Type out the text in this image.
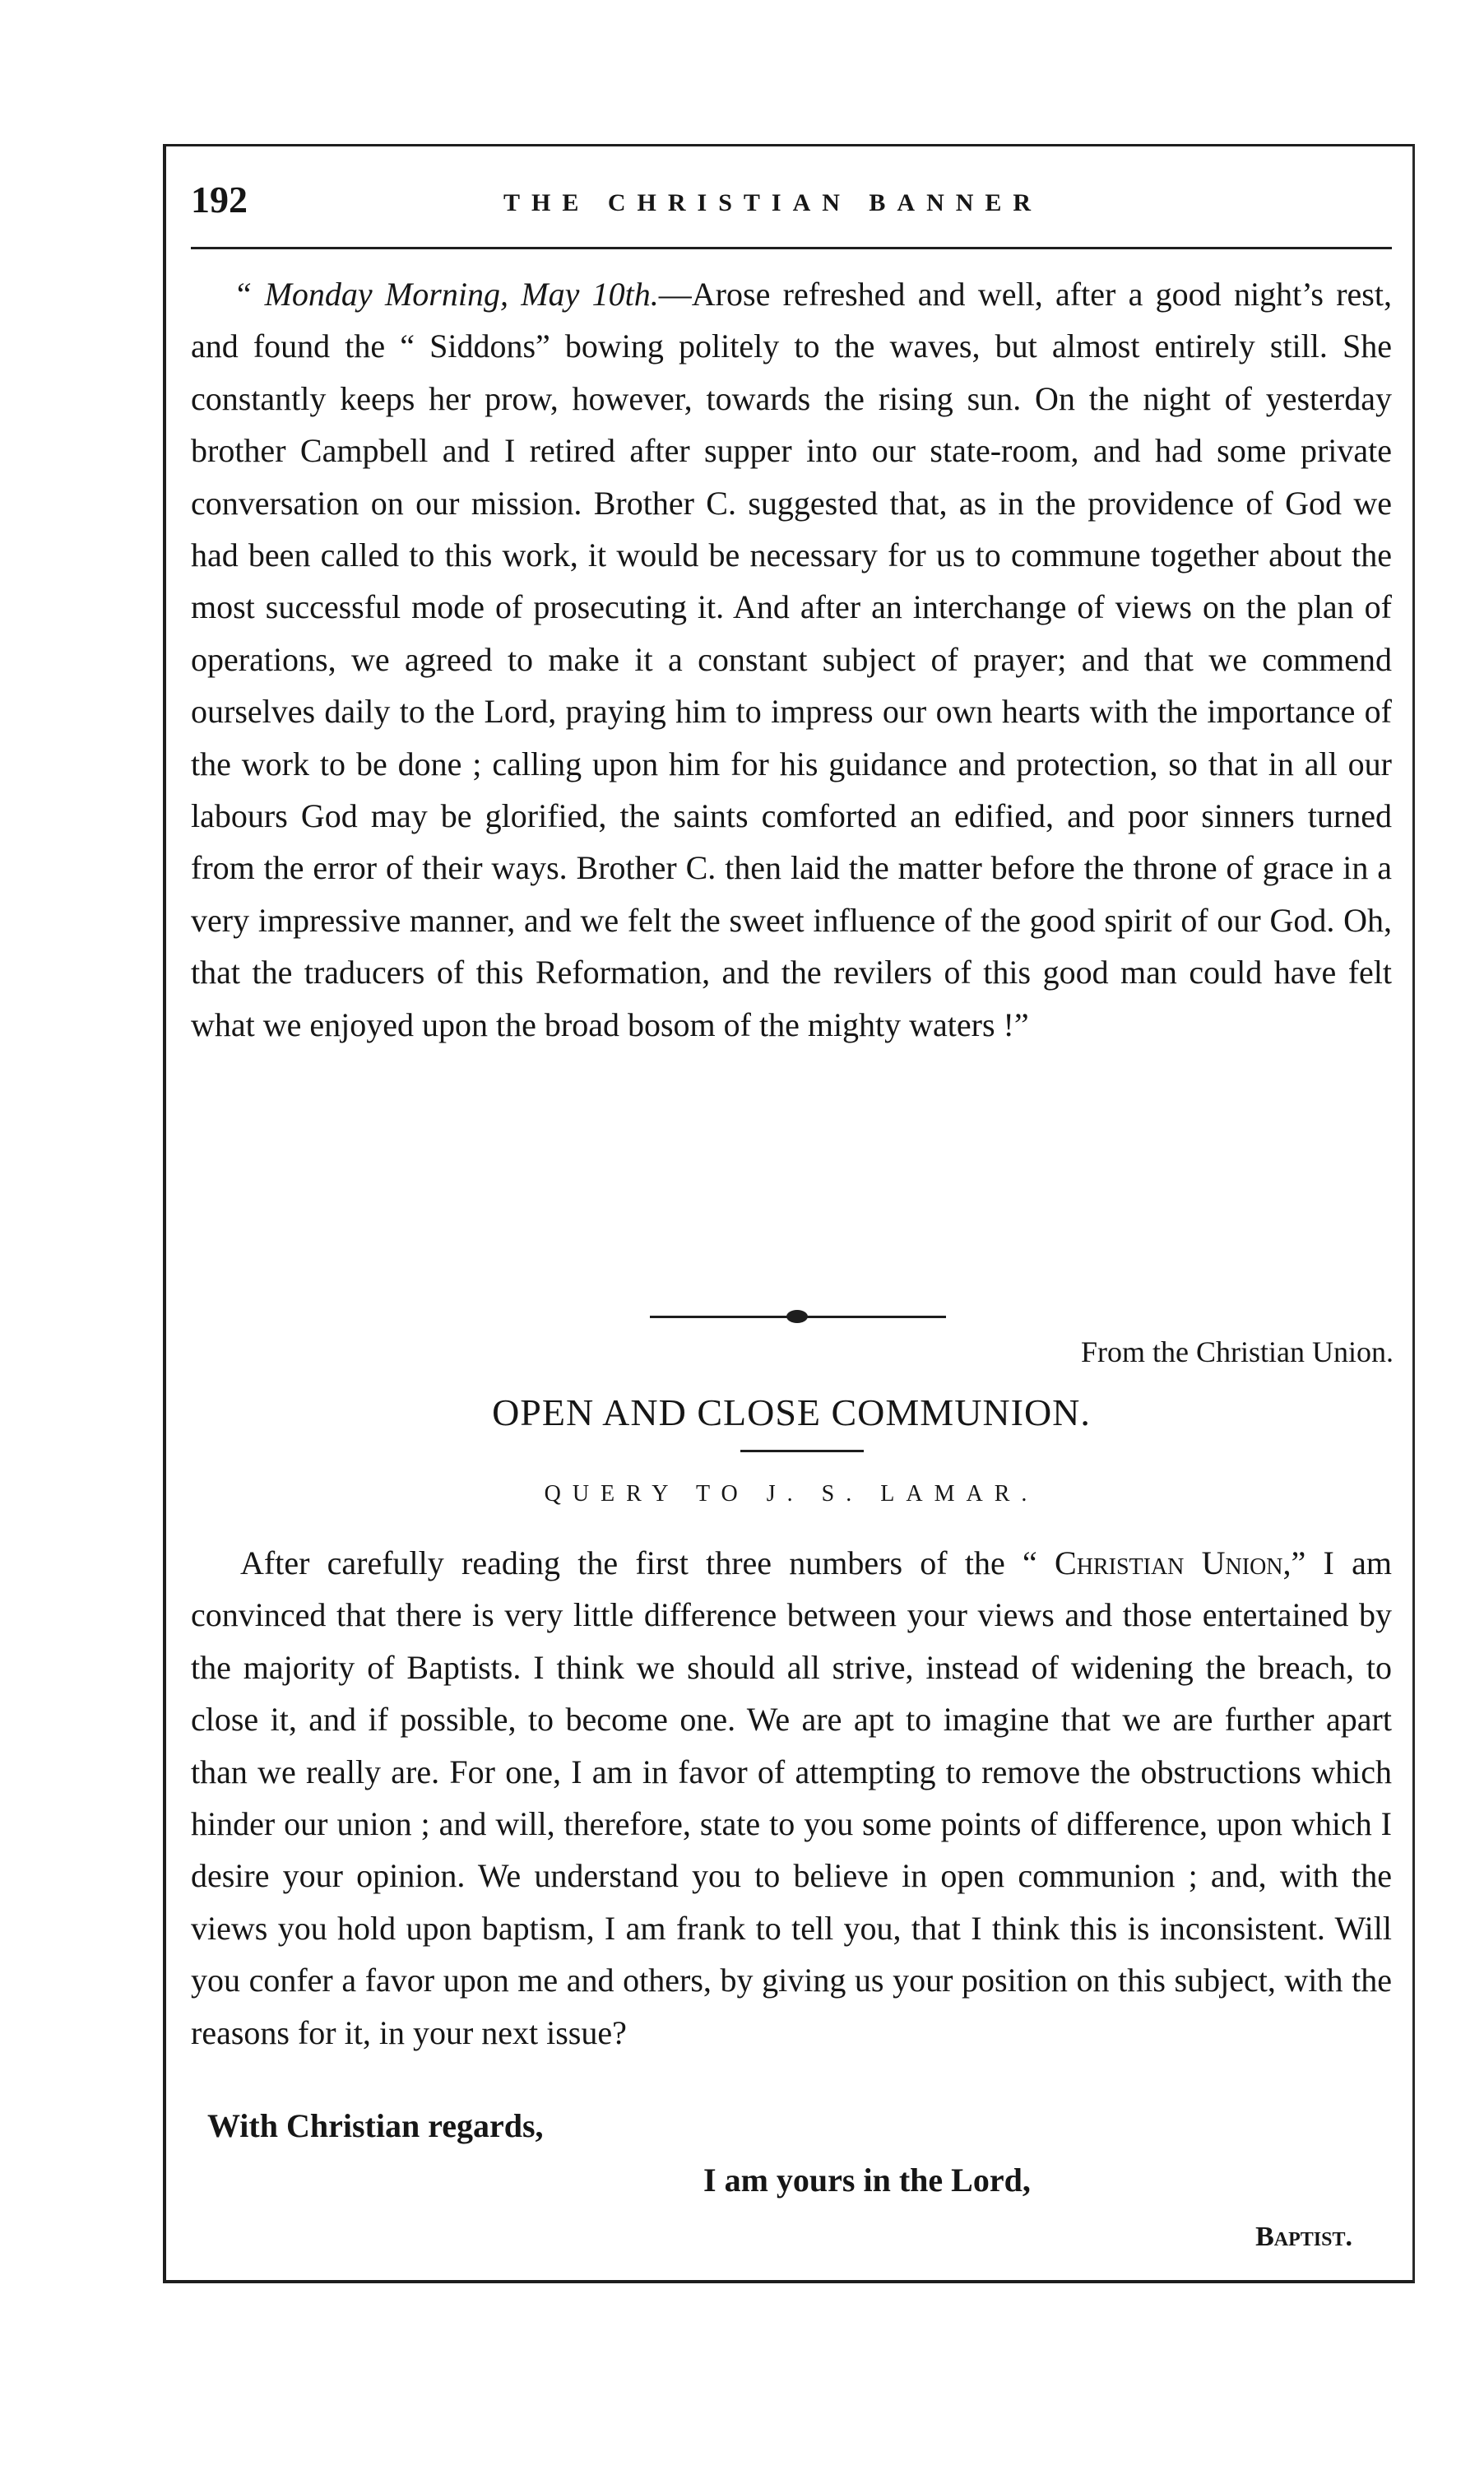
192	THE CHRISTIAN BANNER
“ Monday Morning, May 10th.—Arose refreshed and well, after a good night’s rest, and found the “ Siddons” bowing politely to the waves, but almost entirely still. She constantly keeps her prow, however, towards the rising sun. On the night of yesterday brother Campbell and I retired after supper into our state-room, and had some private conversation on our mission. Brother C. suggested that, as in the providence of God we had been called to this work, it would be necessary for us to commune together about the most successful mode of prosecuting it. And after an interchange of views on the plan of operations, we agreed to make it a constant subject of prayer; and that we commend ourselves daily to the Lord, praying him to impress our own hearts with the importance of the work to be done ; calling upon him for his guidance and protection, so that in all our labours God may be glorified, the saints comforted an edified, and poor sinners turned from the error of their ways. Brother C. then laid the matter before the throne of grace in a very impressive manner, and we felt the sweet influence of the good spirit of our God. Oh, that the traducers of this Reformation, and the revilers of this good man could have felt what we enjoyed upon the broad bosom of the mighty waters !”
From the Christian Union.
OPEN AND CLOSE COMMUNION.
QUERY TO J. S. LAMAR.
After carefully reading the first three numbers of the “ Christian Union,” I am convinced that there is very little difference between your views and those entertained by the majority of Baptists. I think we should all strive, instead of widening the breach, to close it, and if possible, to become one. We are apt to imagine that we are further apart than we really are. For one, I am in favor of attempting to remove the obstructions which hinder our union ; and will, therefore, state to you some points of difference, upon which I desire your opinion. We understand you to believe in open communion ; and, with the views you hold upon baptism, I am frank to tell you, that I think this is inconsistent. Will you confer a favor upon me and others, by giving us your position on this subject, with the reasons for it, in your next issue?
With Christian regards,
I am yours in the Lord,
Baptist.
